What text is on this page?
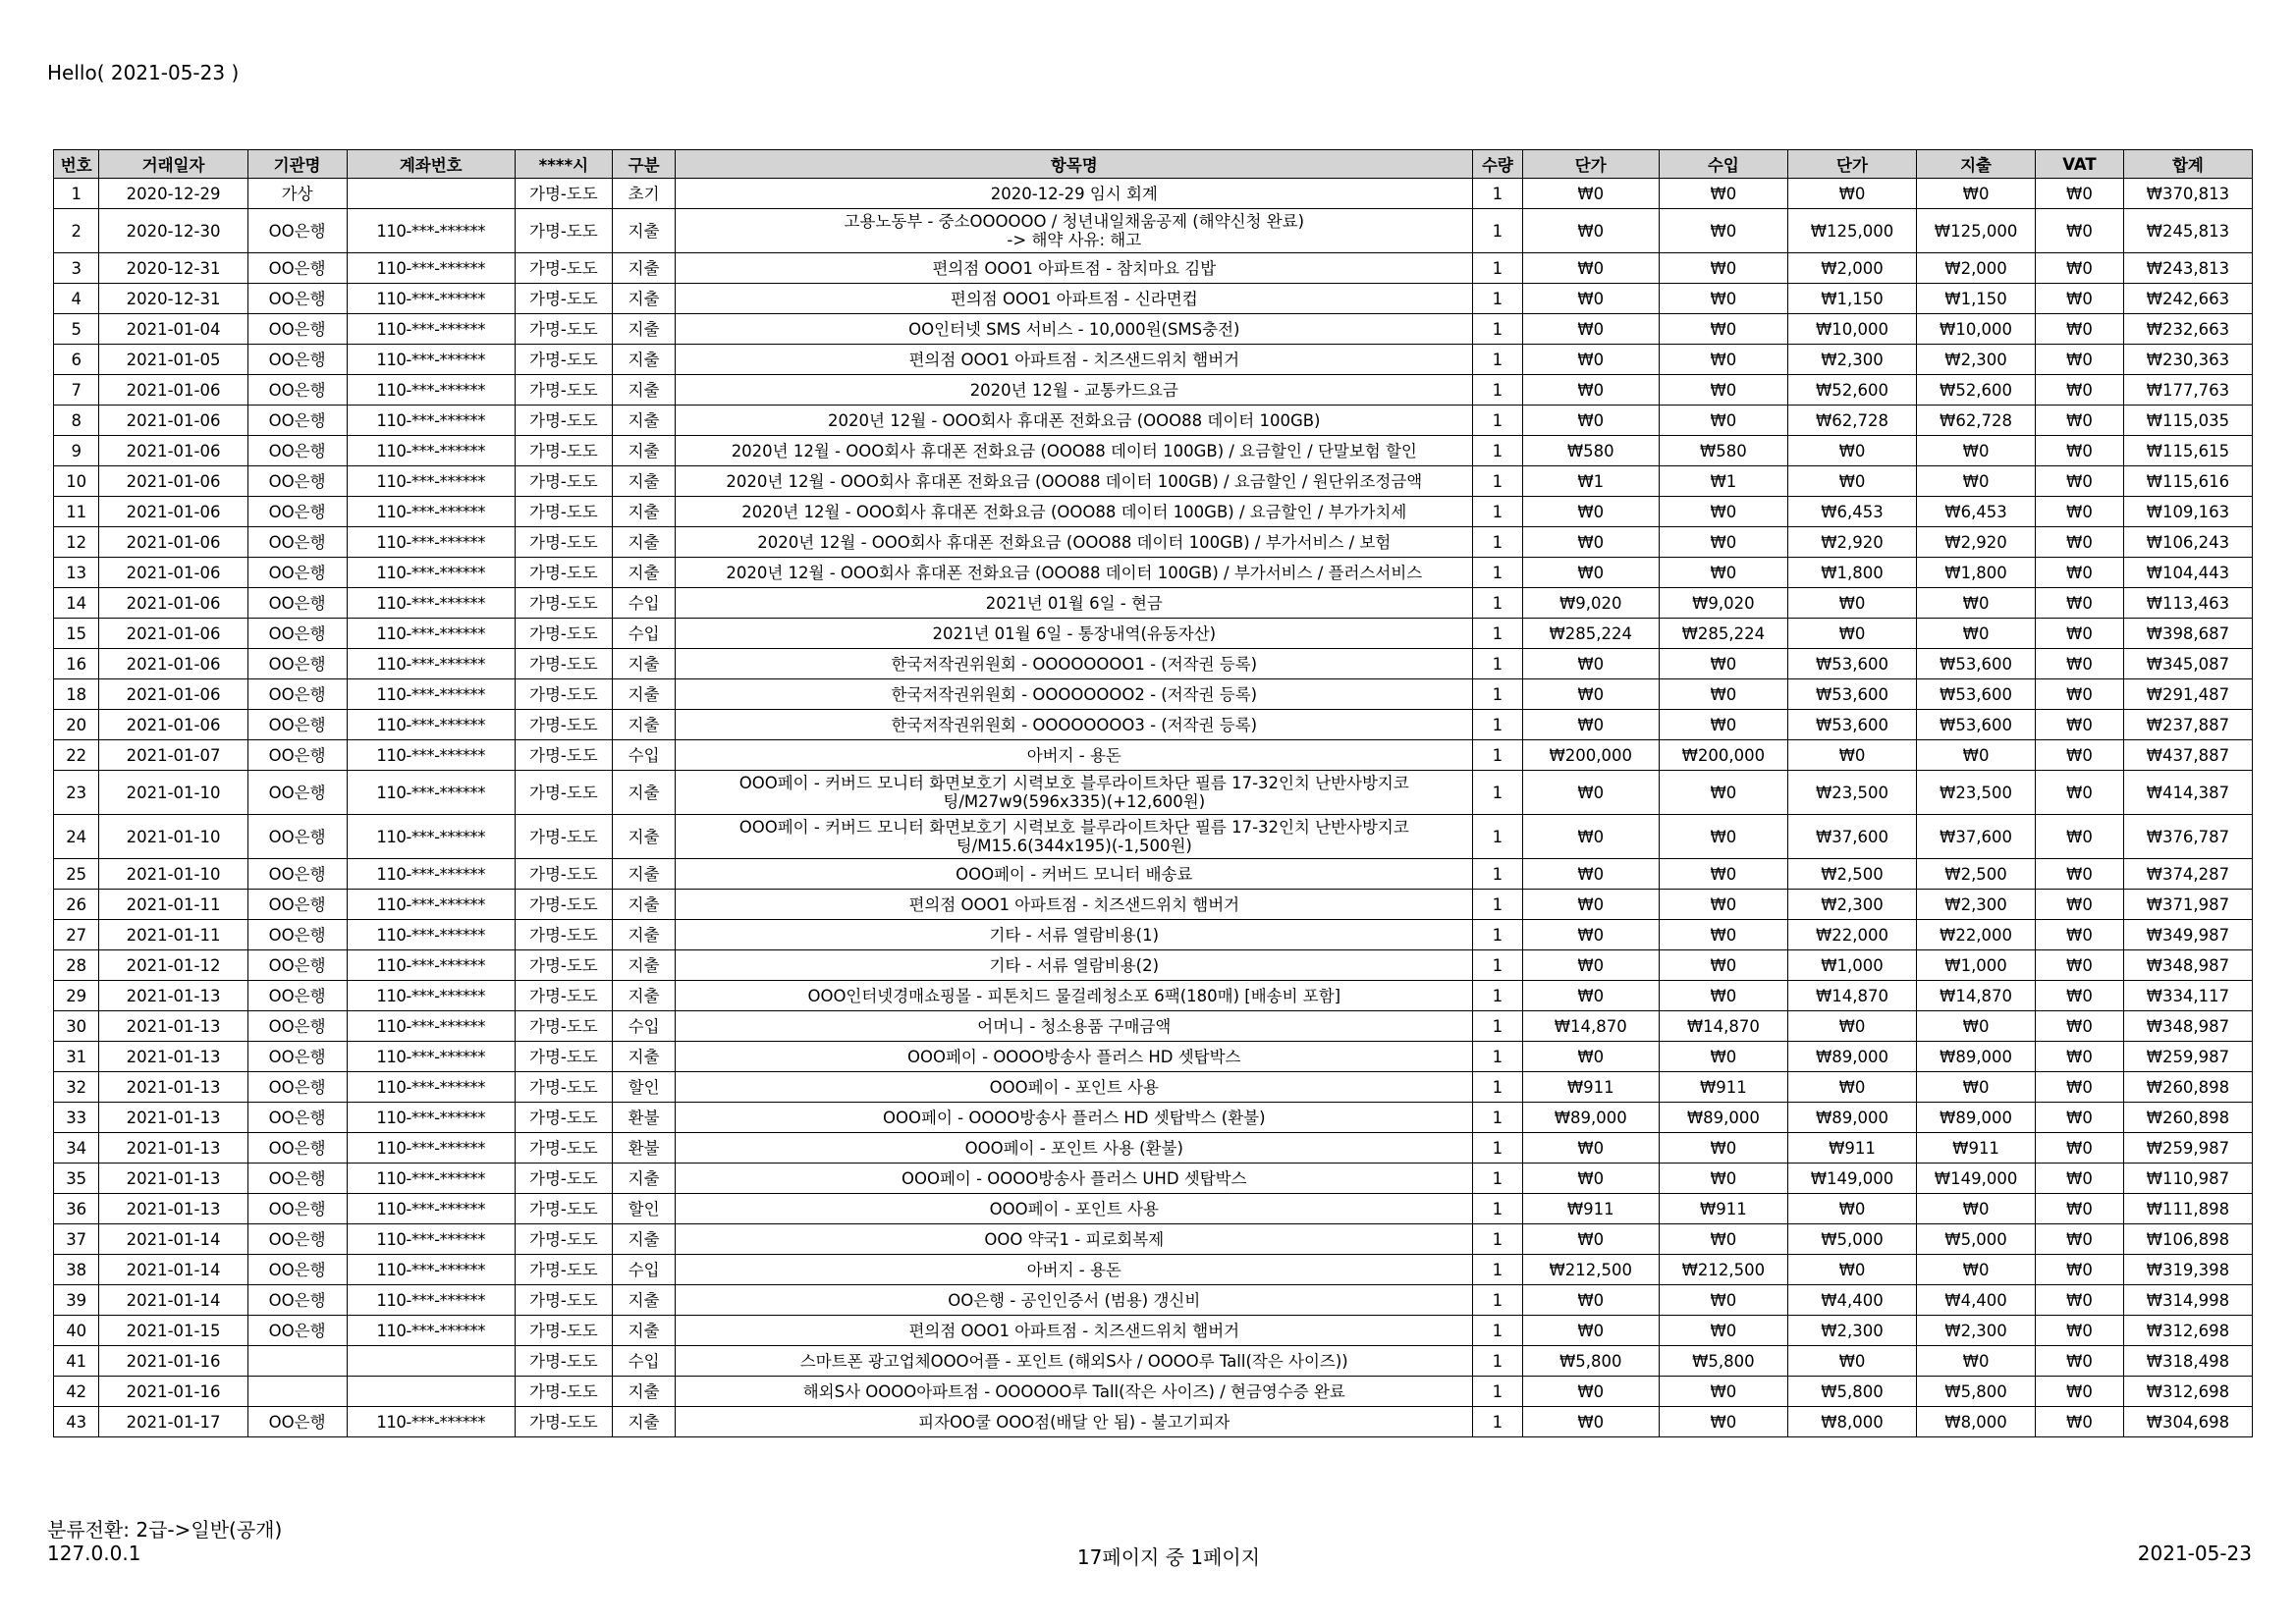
Hello( 2021-05-23 )
번호	거래일자	기관명	계좌번호	****시	구분	항목명	수량	단가	수입	단가	지출	VAT	합계
1	2020-12-29	가상		가명-도도	초기	2020-12-29 임시 회계	1	₩0	₩0	₩0	₩0	₩0	₩370,813
2	2020-12-30	OO은행	110-***-******	가명-도도	지출	고용노동부 - 중소OOOOOO / 청년내일채움공제 (해약신청 완료)
-> 해약 사유: 해고	1	₩0	₩0	₩125,000	₩125,000	₩0	₩245,813
3	2020-12-31	OO은행	110-***-******	가명-도도	지출	편의점 OOO1 아파트점 - 참치마요 김밥	1	₩0	₩0	₩2,000	₩2,000	₩0	₩243,813
4	2020-12-31	OO은행	110-***-******	가명-도도	지출	편의점 OOO1 아파트점 - 신라면컵	1	₩0	₩0	₩1,150	₩1,150	₩0	₩242,663
5	2021-01-04	OO은행	110-***-******	가명-도도	지출	OO인터넷 SMS 서비스 - 10,000원(SMS충전)	1	₩0	₩0	₩10,000	₩10,000	₩0	₩232,663
6	2021-01-05	OO은행	110-***-******	가명-도도	지출	편의점 OOO1 아파트점 - 치즈샌드위치 햄버거	1	₩0	₩0	₩2,300	₩2,300	₩0	₩230,363
7	2021-01-06	OO은행	110-***-******	가명-도도	지출	2020년 12월 - 교통카드요금	1	₩0	₩0	₩52,600	₩52,600	₩0	₩177,763
8	2021-01-06	OO은행	110-***-******	가명-도도	지출	2020년 12월 - OOO회사 휴대폰 전화요금 (OOO88 데이터 100GB)	1	₩0	₩0	₩62,728	₩62,728	₩0	₩115,035
9	2021-01-06	OO은행	110-***-******	가명-도도	지출	2020년 12월 - OOO회사 휴대폰 전화요금 (OOO88 데이터 100GB) / 요금할인 / 단말보험 할인	1	₩580	₩580	₩0	₩0	₩0	₩115,615
10	2021-01-06	OO은행	110-***-******	가명-도도	지출	2020년 12월 - OOO회사 휴대폰 전화요금 (OOO88 데이터 100GB) / 요금할인 / 원단위조정금액	1	₩1	₩1	₩0	₩0	₩0	₩115,616
11	2021-01-06	OO은행	110-***-******	가명-도도	지출	2020년 12월 - OOO회사 휴대폰 전화요금 (OOO88 데이터 100GB) / 요금할인 / 부가가치세	1	₩0	₩0	₩6,453	₩6,453	₩0	₩109,163
12	2021-01-06	OO은행	110-***-******	가명-도도	지출	2020년 12월 - OOO회사 휴대폰 전화요금 (OOO88 데이터 100GB) / 부가서비스 / 보험	1	₩0	₩0	₩2,920	₩2,920	₩0	₩106,243
13	2021-01-06	OO은행	110-***-******	가명-도도	지출	2020년 12월 - OOO회사 휴대폰 전화요금 (OOO88 데이터 100GB) / 부가서비스 / 플러스서비스	1	₩0	₩0	₩1,800	₩1,800	₩0	₩104,443
14	2021-01-06	OO은행	110-***-******	가명-도도	수입	2021년 01월 6일 - 현금	1	₩9,020	₩9,020	₩0	₩0	₩0	₩113,463
15	2021-01-06	OO은행	110-***-******	가명-도도	수입	2021년 01월 6일 - 통장내역(유동자산)	1	₩285,224	₩285,224	₩0	₩0	₩0	₩398,687
16	2021-01-06	OO은행	110-***-******	가명-도도	지출	한국저작권위원회 - OOOOOOOO1 - (저작권 등록)	1	₩0	₩0	₩53,600	₩53,600	₩0	₩345,087
18	2021-01-06	OO은행	110-***-******	가명-도도	지출	한국저작권위원회 - OOOOOOOO2 - (저작권 등록)	1	₩0	₩0	₩53,600	₩53,600	₩0	₩291,487
20	2021-01-06	OO은행	110-***-******	가명-도도	지출	한국저작권위원회 - OOOOOOOO3 - (저작권 등록)	1	₩0	₩0	₩53,600	₩53,600	₩0	₩237,887
22	2021-01-07	OO은행	110-***-******	가명-도도	수입	아버지 - 용돈	1	₩200,000	₩200,000	₩0	₩0	₩0	₩437,887
23	2021-01-10	OO은행	110-***-******	가명-도도	지출	OOO페이 - 커버드 모니터 화면보호기 시력보호 블루라이트차단 필름 17-32인치 난반사방지코
팅/M27w9(596x335)(+12,600원)	1	₩0	₩0	₩23,500	₩23,500	₩0	₩414,387
24	2021-01-10	OO은행	110-***-******	가명-도도	지출	OOO페이 - 커버드 모니터 화면보호기 시력보호 블루라이트차단 필름 17-32인치 난반사방지코
팅/M15.6(344x195)(-1,500원)	1	₩0	₩0	₩37,600	₩37,600	₩0	₩376,787
25	2021-01-10	OO은행	110-***-******	가명-도도	지출	OOO페이 - 커버드 모니터 배송료	1	₩0	₩0	₩2,500	₩2,500	₩0	₩374,287
26	2021-01-11	OO은행	110-***-******	가명-도도	지출	편의점 OOO1 아파트점 - 치즈샌드위치 햄버거	1	₩0	₩0	₩2,300	₩2,300	₩0	₩371,987
27	2021-01-11	OO은행	110-***-******	가명-도도	지출	기타 - 서류 열람비용(1)	1	₩0	₩0	₩22,000	₩22,000	₩0	₩349,987
28	2021-01-12	OO은행	110-***-******	가명-도도	지출	기타 - 서류 열람비용(2)	1	₩0	₩0	₩1,000	₩1,000	₩0	₩348,987
29	2021-01-13	OO은행	110-***-******	가명-도도	지출	OOO인터넷경매쇼핑몰 - 피톤치드 물걸레청소포 6팩(180매) [배송비 포함]	1	₩0	₩0	₩14,870	₩14,870	₩0	₩334,117
30	2021-01-13	OO은행	110-***-******	가명-도도	수입	어머니 - 청소용품 구매금액	1	₩14,870	₩14,870	₩0	₩0	₩0	₩348,987
31	2021-01-13	OO은행	110-***-******	가명-도도	지출	OOO페이 - OOOO방송사 플러스 HD 셋탑박스	1	₩0	₩0	₩89,000	₩89,000	₩0	₩259,987
32	2021-01-13	OO은행	110-***-******	가명-도도	할인	OOO페이 - 포인트 사용	1	₩911	₩911	₩0	₩0	₩0	₩260,898
33	2021-01-13	OO은행	110-***-******	가명-도도	환불	OOO페이 - OOOO방송사 플러스 HD 셋탑박스 (환불)	1	₩89,000	₩89,000	₩89,000	₩89,000	₩0	₩260,898
34	2021-01-13	OO은행	110-***-******	가명-도도	환불	OOO페이 - 포인트 사용 (환불)	1	₩0	₩0	₩911	₩911	₩0	₩259,987
35	2021-01-13	OO은행	110-***-******	가명-도도	지출	OOO페이 - OOOO방송사 플러스 UHD 셋탑박스	1	₩0	₩0	₩149,000	₩149,000	₩0	₩110,987
36	2021-01-13	OO은행	110-***-******	가명-도도	할인	OOO페이 - 포인트 사용	1	₩911	₩911	₩0	₩0	₩0	₩111,898
37	2021-01-14	OO은행	110-***-******	가명-도도	지출	OOO 약국1 - 피로회복제	1	₩0	₩0	₩5,000	₩5,000	₩0	₩106,898
38	2021-01-14	OO은행	110-***-******	가명-도도	수입	아버지 - 용돈	1	₩212,500	₩212,500	₩0	₩0	₩0	₩319,398
39	2021-01-14	OO은행	110-***-******	가명-도도	지출	OO은행 - 공인인증서 (범용) 갱신비	1	₩0	₩0	₩4,400	₩4,400	₩0	₩314,998
40	2021-01-15	OO은행	110-***-******	가명-도도	지출	편의점 OOO1 아파트점 - 치즈샌드위치 햄버거	1	₩0	₩0	₩2,300	₩2,300	₩0	₩312,698
41	2021-01-16			가명-도도	수입	스마트폰 광고업체OOO어플 - 포인트 (해외S사 / OOOO루 Tall(작은 사이즈))	1	₩5,800	₩5,800	₩0	₩0	₩0	₩318,498
42	2021-01-16			가명-도도	지출	해외S사 OOOO아파트점 - OOOOOO루 Tall(작은 사이즈) / 현금영수증 완료	1	₩0	₩0	₩5,800	₩5,800	₩0	₩312,698
43	2021-01-17	OO은행	110-***-******	가명-도도	지출	피자OO쿨 OOO점(배달 안 됨) - 불고기피자	1	₩0	₩0	₩8,000	₩8,000	₩0	₩304,698
분류전환: 2급->일반(공개)
127.0.0.1	17페이지 중 1페이지	2021-05-23
